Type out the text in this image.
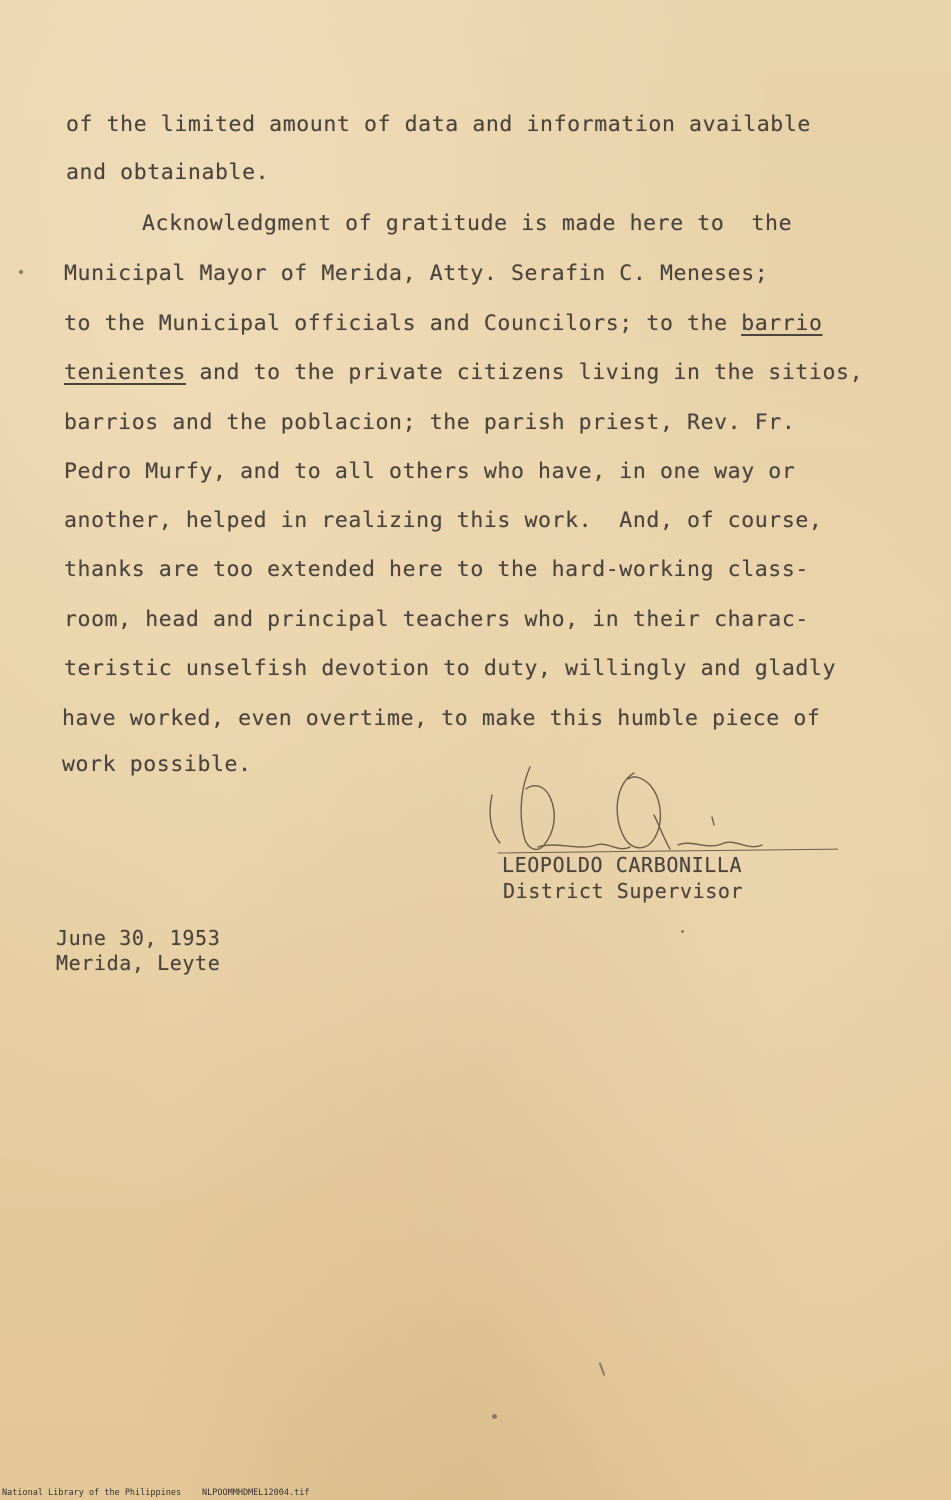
of the limited amount of data and information available
and obtainable.
Acknowledgment of gratitude is made here to  the
Municipal Mayor of Merida, Atty. Serafin C. Meneses;
to the Municipal officials and Councilors; to the barrio
tenientes and to the private citizens living in the sitios,
barrios and the poblacion; the parish priest, Rev. Fr.
Pedro Murfy, and to all others who have, in one way or
another, helped in realizing this work.  And, of course,
thanks are too extended here to the hard-working class-
room, head and principal teachers who, in their charac-
teristic unselfish devotion to duty, willingly and gladly
have worked, even overtime, to make this humble piece of
work possible.
LEOPOLDO CARBONILLA
District Supervisor
June 30, 1953
Merida, Leyte
National Library of the Philippines NLPOOMMHDMEL12004.tif
